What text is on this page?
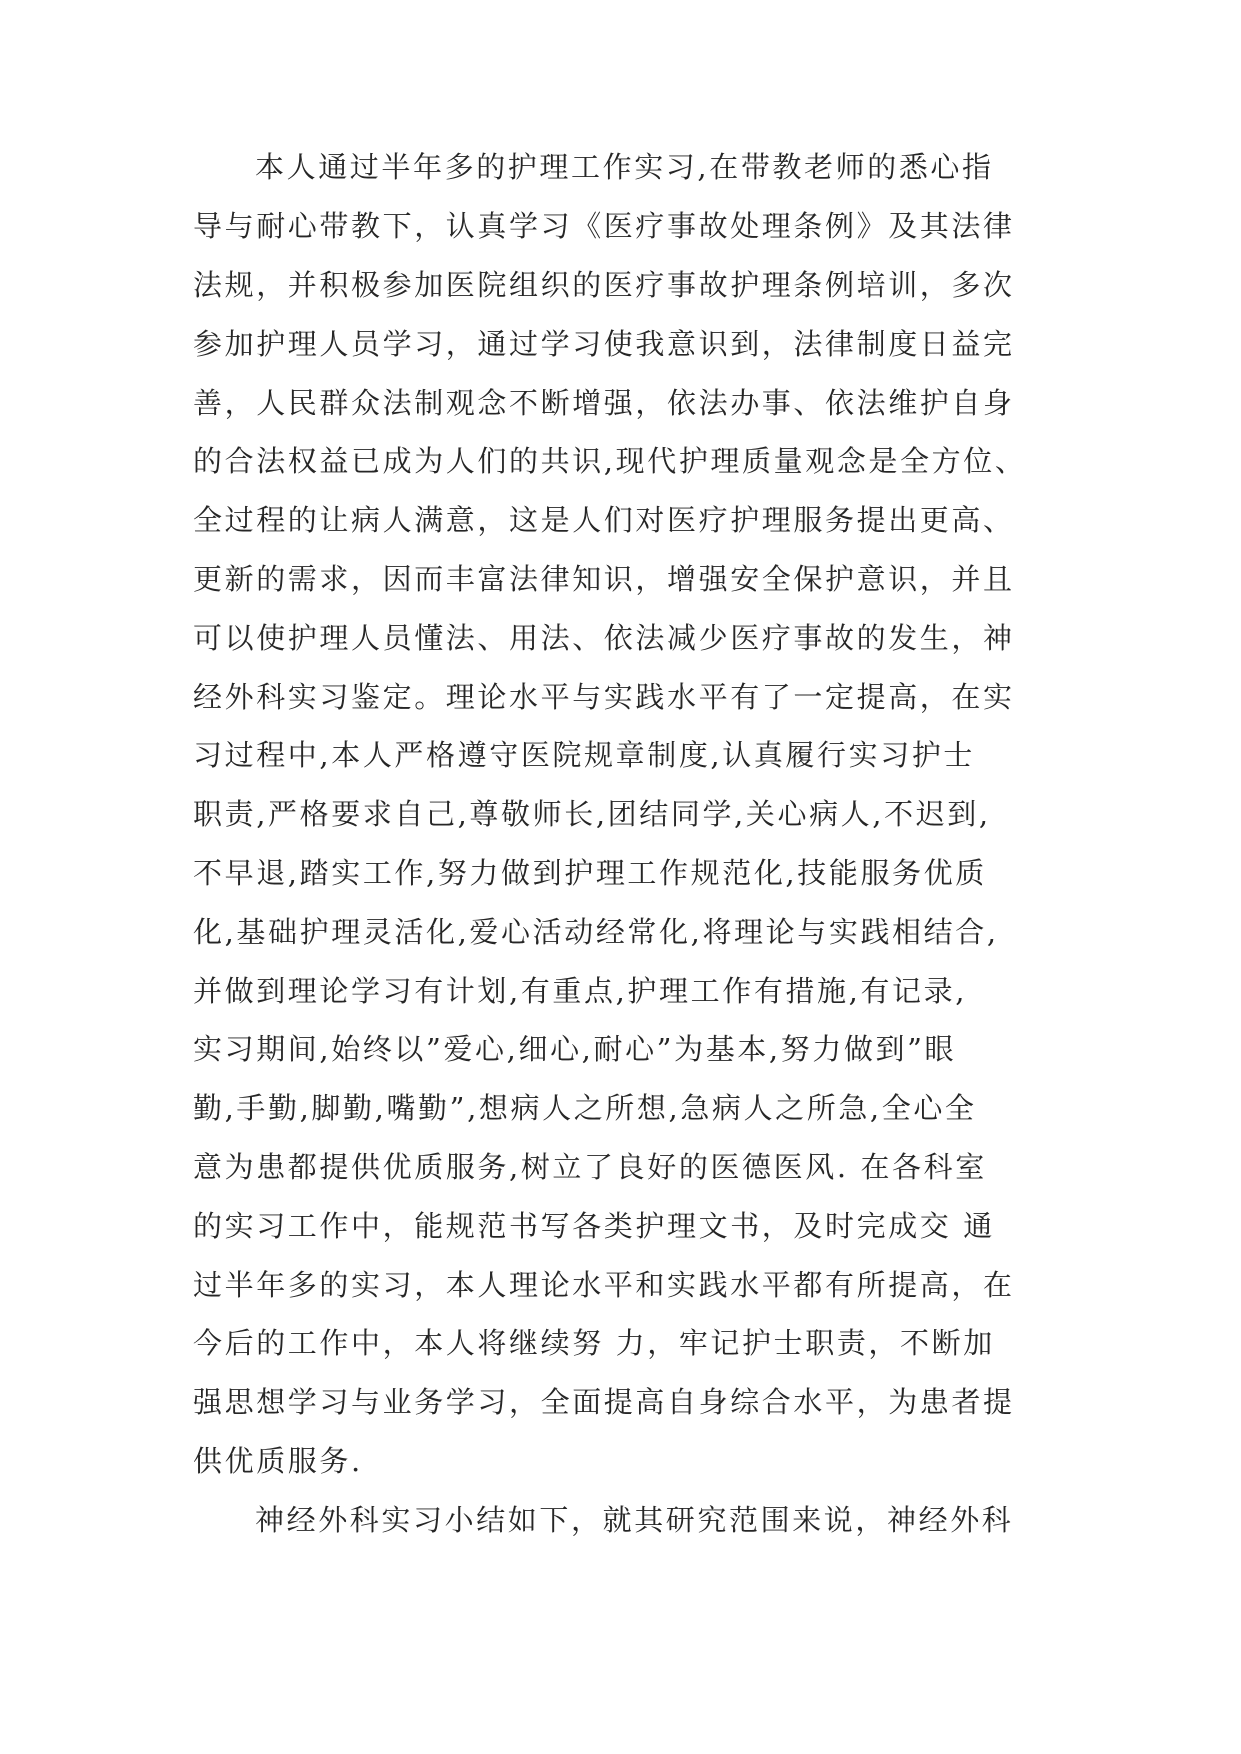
本人通过半年多的护理工作实习,在带教老师的悉心指
导与耐心带教下，认真学习《医疗事故处理条例》及其法律
法规，并积极参加医院组织的医疗事故护理条例培训，多次
参加护理人员学习，通过学习使我意识到，法律制度日益完
善，人民群众法制观念不断增强，依法办事、依法维护自身
的合法权益已成为人们的共识,现代护理质量观念是全方位、
全过程的让病人满意，这是人们对医疗护理服务提出更高、
更新的需求，因而丰富法律知识，增强安全保护意识，并且
可以使护理人员懂法、用法、依法减少医疗事故的发生，神
经外科实习鉴定。理论水平与实践水平有了一定提高，在实
习过程中,本人严格遵守医院规章制度,认真履行实习护士
职责,严格要求自己,尊敬师长,团结同学,关心病人,不迟到,
不早退,踏实工作,努力做到护理工作规范化,技能服务优质
化,基础护理灵活化,爱心活动经常化,将理论与实践相结合,
并做到理论学习有计划,有重点,护理工作有措施,有记录,
实习期间,始终以”爱心,细心,耐心”为基本,努力做到”眼
勤,手勤,脚勤,嘴勤”,想病人之所想,急病人之所急,全心全
意为患都提供优质服务,树立了良好的医德医风. 在各科室
的实习工作中，能规范书写各类护理文书，及时完成交 通
过半年多的实习，本人理论水平和实践水平都有所提高，在
今后的工作中，本人将继续努 力，牢记护士职责，不断加
强思想学习与业务学习，全面提高自身综合水平，为患者提
供优质服务.
神经外科实习小结如下，就其研究范围来说，神经外科
